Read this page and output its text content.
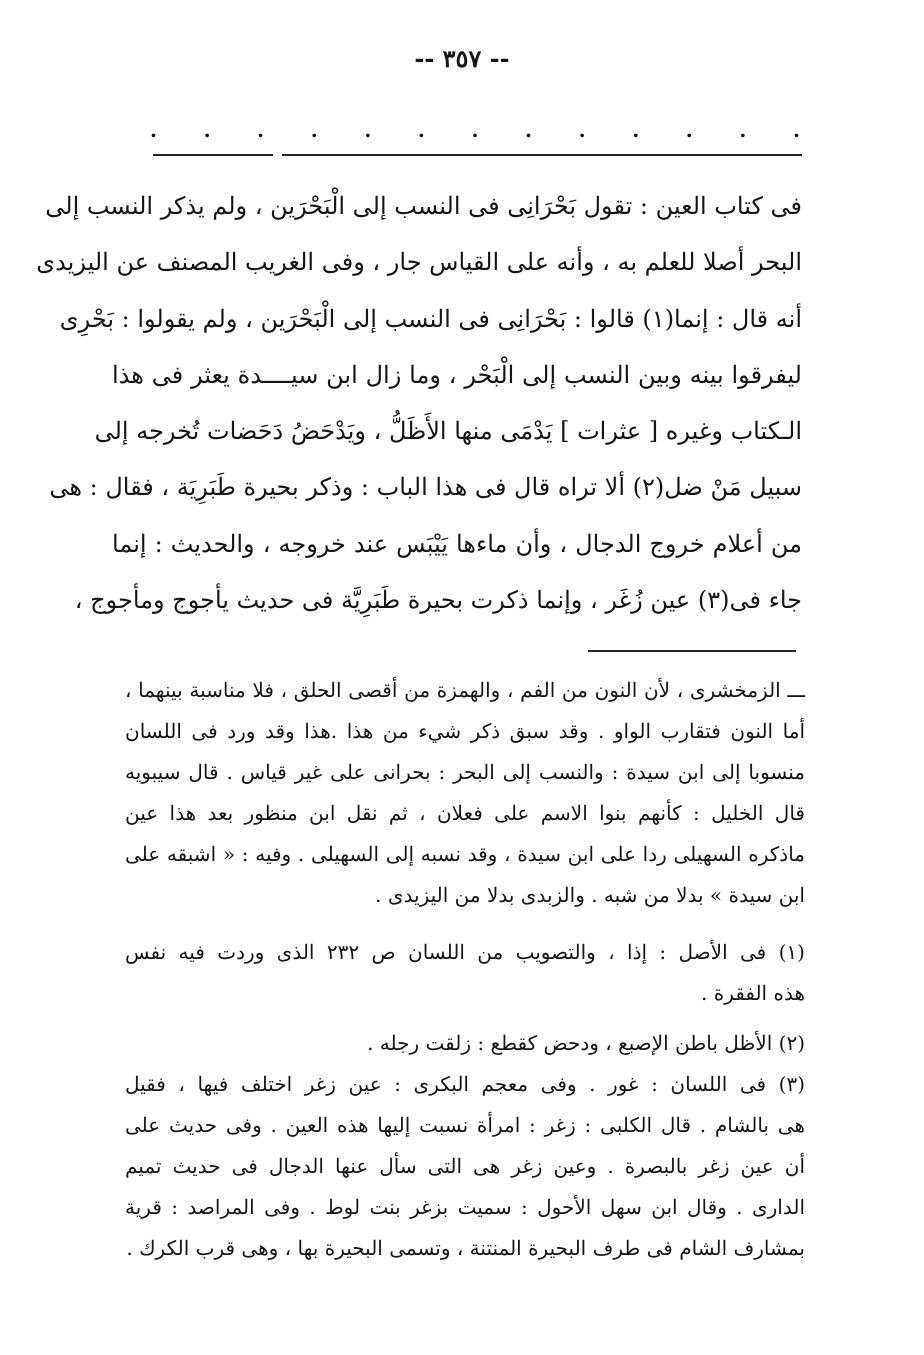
-- ٣٥٧ --
. . . . . . . . . . . . .
فى كتاب العين : تقول بَحْرَانِى فى النسب إلى الْبَحْرَين ، ولم يذكر النسب إلى
البحر أصلا للعلم به ، وأنه على القياس جار ، وفى الغريب المصنف عن اليزيدى
أنه قال : إنما(١) قالوا : بَحْرَانِى فى النسب إلى الْبَحْرَين ، ولم يقولوا : بَحْرِى
ليفرقوا بينه وبين النسب إلى الْبَحْر ، وما زال ابن سيــــدة يعثر فى هذا
الـكتاب وغيره [ عثرات ] يَدْمَى منها الأَظَلُّ ، ويَدْحَضُ دَحَضات تُخرجه إلى
سبيل مَنْ ضل(٢) ألا تراه قال فى هذا الباب : وذكر بحيرة طَبَرِيَة ، فقال : هى
من أعلام خروج الدجال ، وأن ماءها يَيْبَس عند خروجه ، والحديث : إنما
جاء فى(٣) عين زُغَر ، وإنما ذكرت بحيرة طَبَرِيَّة فى حديث يأجوج ومأجوج ،
ـــ الزمخشرى ، لأن النون من الفم ، والهمزة من أقصى الحلق ، فلا مناسبة بينهما ،
أما النون فتقارب الواو . وقد سبق ذكر شيء من هذا .هذا وقد ورد فى اللسان
منسوبا إلى ابن سيدة : والنسب إلى البحر : بحرانى على غير قياس . قال سيبويه
قال الخليل : كأنهم بنوا الاسم على فعلان ، ثم نقل ابن منظور بعد هذا عين
ماذكره السهيلى ردا على ابن سيدة ، وقد نسبه إلى السهيلى . وفيه : « اشبقه على
ابن سيدة » بدلا من شبه . والزبدى بدلا من اليزيدى .
(١) فى الأصل : إذا ، والتصويب من اللسان ص ٢٣٢ الذى وردت فيه نفس
هذه الفقرة .
(٢) الأظل باطن الإصبع ، ودحض كقطع : زلقت رجله .
(٣) فى اللسان : غور . وفى معجم البكرى : عين زغر اختلف فيها ، فقيل
هى بالشام . قال الكلبى : زغر : امرأة نسبت إليها هذه العين . وفى حديث على
أن عين زغر بالبصرة . وعين زغر هى التى سأل عنها الدجال فى حديث تميم
الدارى . وقال ابن سهل الأحول : سميت بزغر بنت لوط . وفى المراصد : قرية
بمشارف الشام فى طرف البحيرة المنتنة ، وتسمى البحيرة بها ، وهى قرب الكرك .
